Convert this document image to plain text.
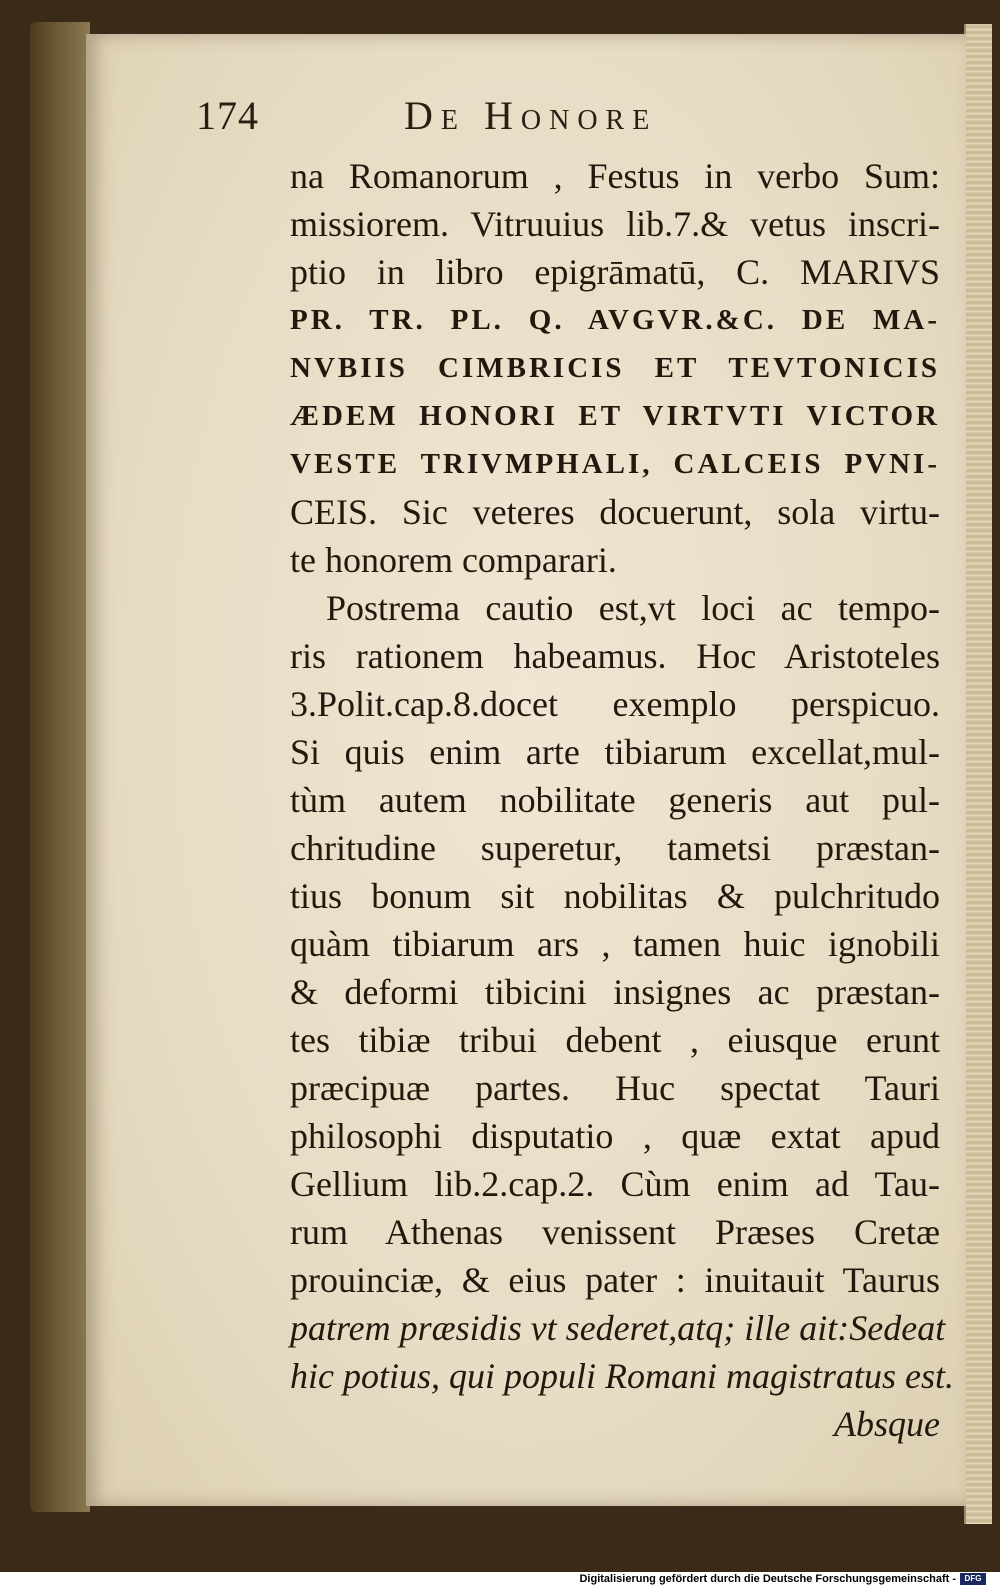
174	De Honore
na Romanorum , Festus in verbo Sum:
missiorem. Vitruuius lib.7.& vetus inscri-
ptio in libro epigrāmatū, C. MARIVS
PR. TR. PL. Q. AVGVR.&C. DE MA-
NVBIIS CIMBRICIS ET TEVTONICIS
ÆDEM HONORI ET VIRTVTI VICTOR
VESTE TRIVMPHALI, CALCEIS PVNI-
CEIS. Sic veteres docuerunt, sola virtu-
te honorem comparari.
Postrema cautio est,vt loci ac tempo-
ris rationem habeamus. Hoc Aristoteles
3.Polit.cap.8.docet exemplo perspicuo.
Si quis enim arte tibiarum excellat,mul-
tùm autem nobilitate generis aut pul-
chritudine superetur, tametsi præstan-
tius bonum sit nobilitas & pulchritudo
quàm tibiarum ars , tamen huic ignobili
& deformi tibicini insignes ac præstan-
tes tibiæ tribui debent , eiusque erunt
præcipuæ partes. Huc spectat Tauri
philosophi disputatio , quæ extat apud
Gellium lib.2.cap.2. Cùm enim ad Tau-
rum Athenas venissent Præses Cretæ
prouinciæ, & eius pater : inuitauit Taurus
patrem præsidis vt sederet,atq; ille ait:Sedeat
hic potius, qui populi Romani magistratus est.
Absque
Digitalisierung gefördert durch die Deutsche Forschungsgemeinschaft -	DFG
